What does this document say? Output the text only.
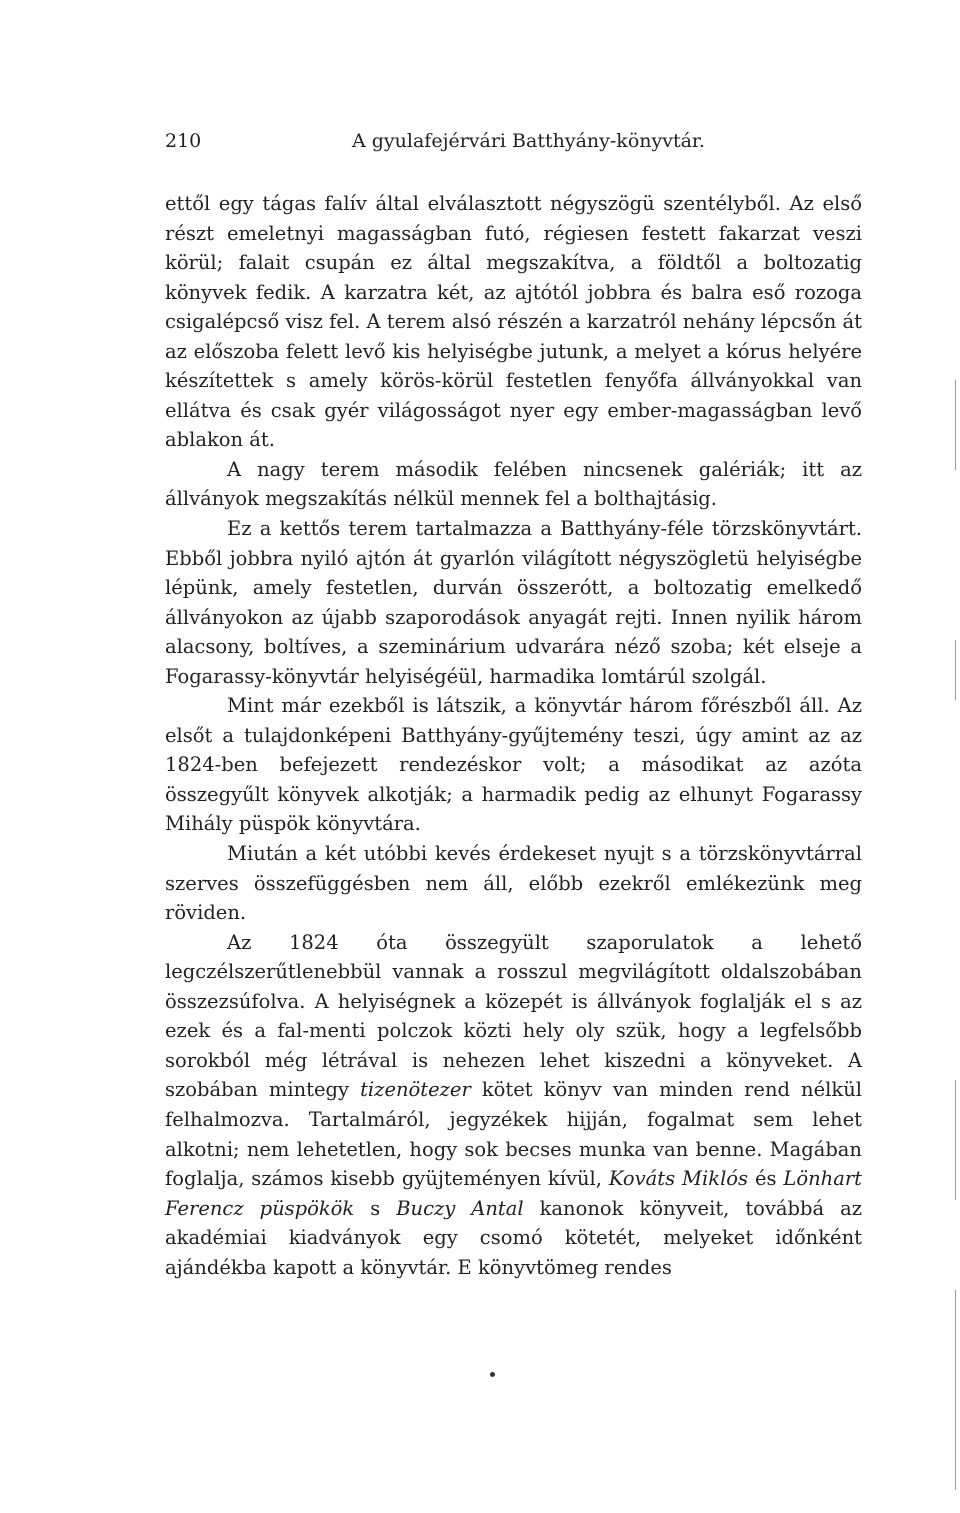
210	A gyulafejérvári Batthyány-könyvtár.

ettől egy tágas falív által elválasztott négyszögü szentélyből. Az első részt emeletnyi magasságban futó, régiesen festett fakarzat veszi körül; falait csupán ez által megszakítva, a földtől a boltozatig könyvek fedik. A karzatra két, az ajtótól jobbra és balra eső rozoga csigalépcső visz fel. A terem alsó részén a karzatról nehány lépcsőn át az előszoba felett levő kis helyiségbe jutunk, a melyet a kórus helyére készítettek s amely körös-körül festetlen fenyőfa állványokkal van ellátva és csak gyér világosságot nyer egy ember-magasságban levő ablakon át.

A nagy terem második felében nincsenek galériák; itt az állványok megszakítás nélkül mennek fel a bolthajtásig.

Ez a kettős terem tartalmazza a Batthyány-féle törzskönyvtárt. Ebből jobbra nyiló ajtón át gyarlón világított négyszögletü helyiségbe lépünk, amely festetlen, durván összerótt, a boltozatig emelkedő állványokon az újabb szaporodások anyagát rejti. Innen nyilik három alacsony, boltíves, a szeminárium udvarára néző szoba; két elseje a Fogarassy-könyvtár helyiségéül, harmadika lomtárúl szolgál.

Mint már ezekből is látszik, a könyvtár három főrészből áll. Az elsőt a tulajdonképeni Batthyány-gyűjtemény teszi, úgy amint az az 1824-ben befejezett rendezéskor volt; a másodikat az azóta összegyűlt könyvek alkotják; a harmadik pedig az elhunyt Fogarassy Mihály püspök könyvtára.

Miután a két utóbbi kevés érdekeset nyujt s a törzskönyvtárral szerves összefüggésben nem áll, előbb ezekről emlékezünk meg röviden.

Az 1824 óta összegyült szaporulatok a lehető legczélszerűtlenebbül vannak a rosszul megvilágított oldalszobában összezsúfolva. A helyiségnek a közepét is állványok foglalják el s az ezek és a fal-menti polczok közti hely oly szük, hogy a legfelsőbb sorokból még létrával is nehezen lehet kiszedni a könyveket. A szobában mintegy tizenötezer kötet könyv van minden rend nélkül felhalmozva. Tartalmáról, jegyzékek hijján, fogalmat sem lehet alkotni; nem lehetetlen, hogy sok becses munka van benne. Magában foglalja, számos kisebb gyüjteményen kívül, Kováts Miklós és Lönhart Ferencz püspökök s Buczy Antal kanonok könyveit, továbbá az akadémiai kiadványok egy csomó kötetét, melyeket időnként ajándékba kapott a könyvtár. E könyvtömeg rendes
